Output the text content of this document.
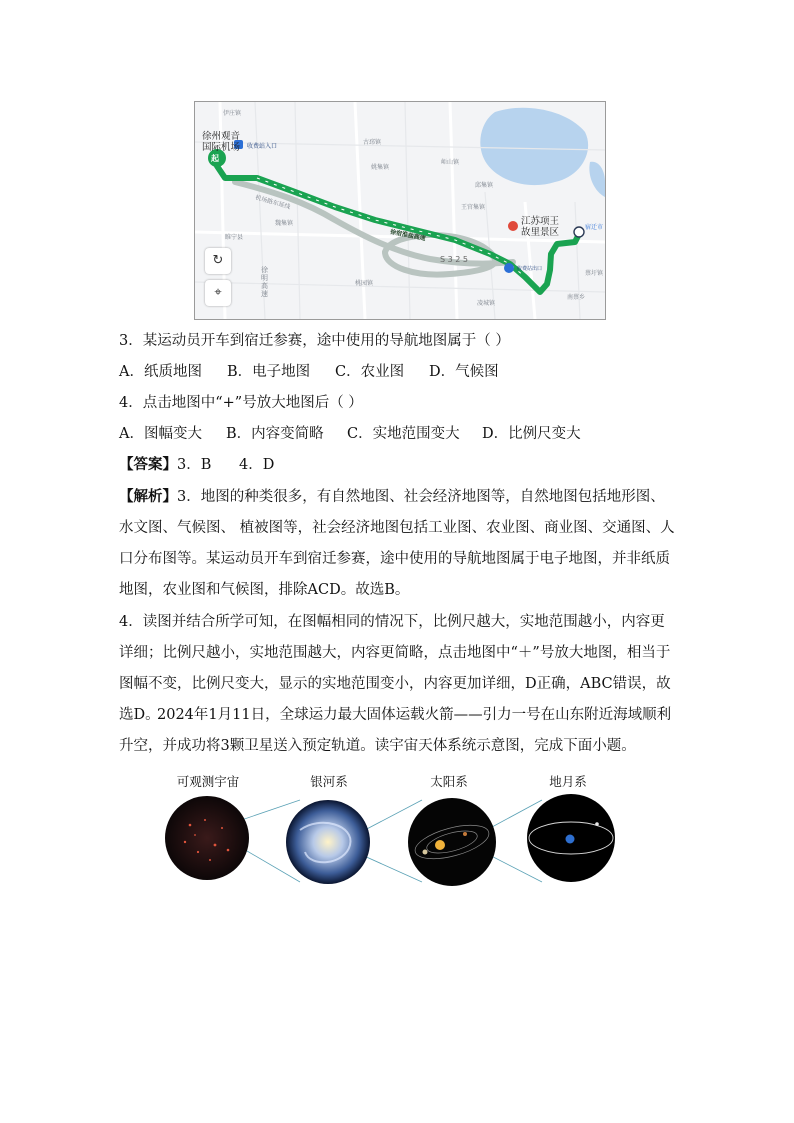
徐州观音
国际机场
起
收费站入口
收费站出口
徐宿淮盐高速
机场路东延线
江苏项王
故里景区
S 3 2 5
徐
明
高
速
伊庄镇
古邳镇
姚集镇
岠山镇
邱集镇
王官集镇
魏集镇
睢宁县
桃园镇
凌城镇
南蔡乡
蔡圩镇
宿迁市
↻
⌖
3．某运动员开车到宿迁参赛，途中使用的导航地图属于（ ）
A．纸质地图 B．电子地图 C．农业图 D．气候图
4．点击地图中“+”号放大地图后（ ）
A．图幅变大 B．内容变简略 C．实地范围变大 D．比例尺变大
【答案】3．B      4．D
【解析】3．地图的种类很多，有自然地图、社会经济地图等，自然地图包括地形图、水文图、气候图、 植被图等，社会经济地图包括工业图、农业图、商业图、交通图、人口分布图等。某运动员开车到宿迁参赛，途中使用的导航地图属于电子地图，并非纸质地图，农业图和气候图，排除ACD。故选B。
4．读图并结合所学可知，在图幅相同的情况下，比例尺越大，实地范围越小，内容更详细；比例尺越小，实地范围越大，内容更简略，点击地图中“＋”号放大地图，相当于图幅不变，比例尺变大，显示的实地范围变小，内容更加详细，D正确，ABC错误，故选D。
2024年1月11日，全球运力最大固体运载火箭——引力一号在山东附近海域顺利升空，并成功将3颗卫星送入预定轨道。读宇宙天体系统示意图，完成下面小题。
可观测宇宙	银河系	太阳系	地月系
